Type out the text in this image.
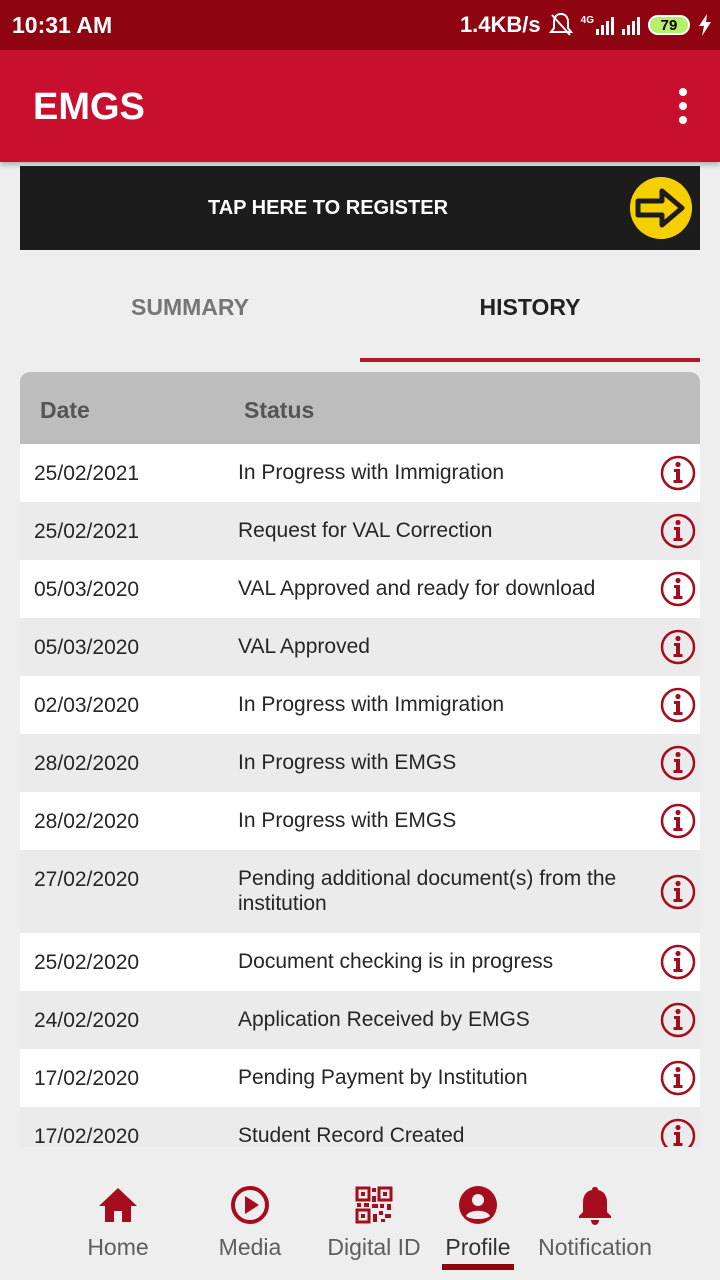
10:31 AM	1.4KB/s	4G	79
EMGS
TAP HERE TO REGISTER
SUMMARY	HISTORY
Date	Status
25/02/2021	In Progress with Immigration
25/02/2021	Request for VAL Correction
05/03/2020	VAL Approved and ready for download
05/03/2020	VAL Approved
02/03/2020	In Progress with Immigration
28/02/2020	In Progress with EMGS
28/02/2020	In Progress with EMGS
27/02/2020	Pending additional document(s) from the institution
25/02/2020	Document checking is in progress
24/02/2020	Application Received by EMGS
17/02/2020	Pending Payment by Institution
17/02/2020	Student Record Created
Home	Media	Digital ID	Profile	Notification
